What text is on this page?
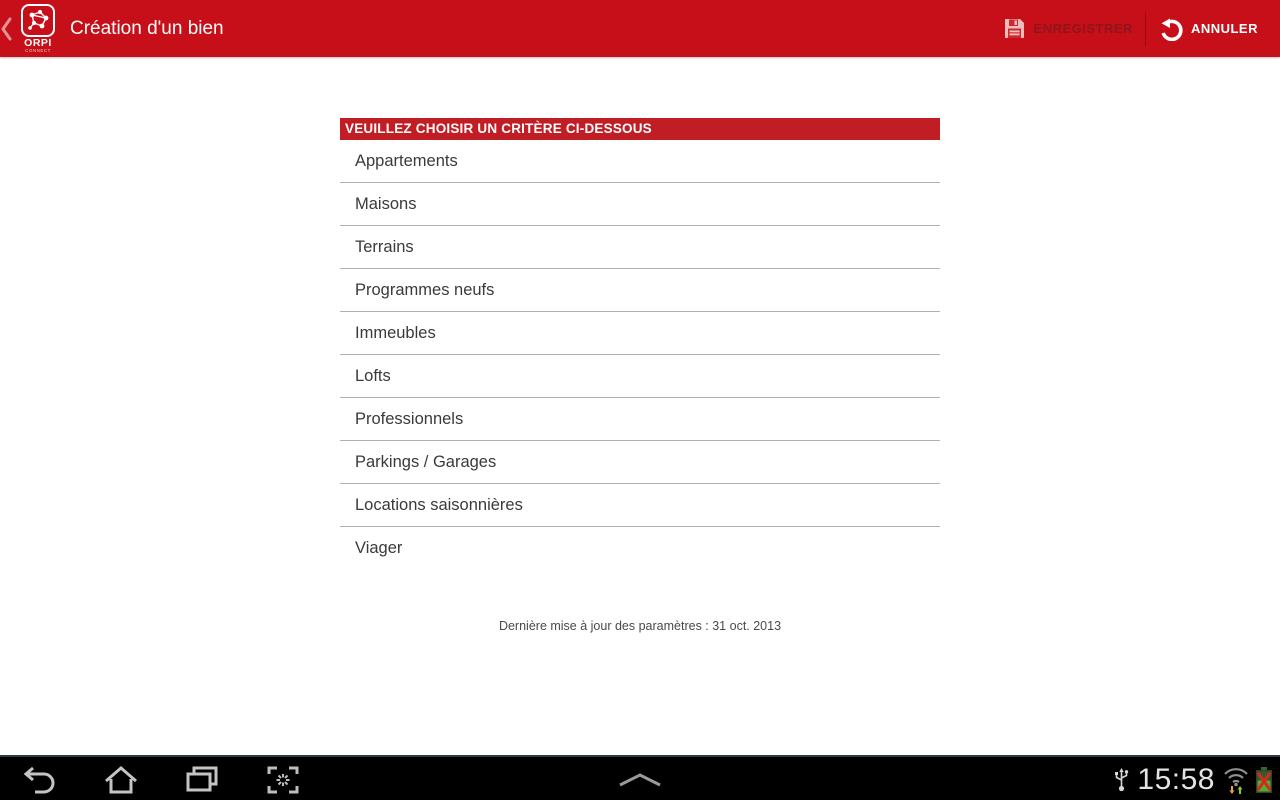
ORPI
CONNECT
Création d'un bien	ENREGISTRER	ANNULER
VEUILLEZ CHOISIR UN CRITÈRE CI-DESSOUS
Appartements
Maisons
Terrains
Programmes neufs
Immeubles
Lofts
Professionnels
Parkings / Garages
Locations saisonnières
Viager
Dernière mise à jour des paramètres : 31 oct. 2013
15:58
